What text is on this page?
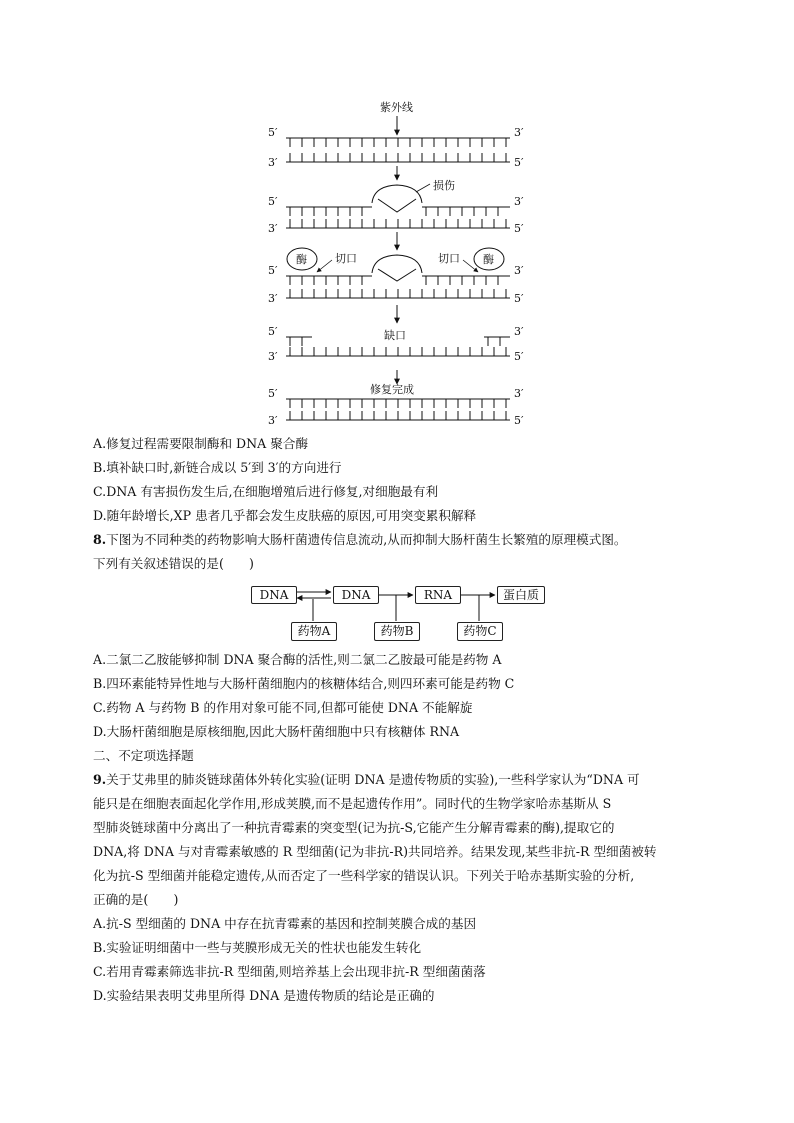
5′	3′
3′	5′
5′	3′
3′	5′
5′	3′
3′	5′
5′	3′
3′	5′
5′	3′
3′	5′
紫外线
损伤
酶	酶
切口	切口
缺口
修复完成
A.修复过程需要限制酶和 DNA 聚合酶
B.填补缺口时,新链合成以 5′到 3′的方向进行
C.DNA 有害损伤发生后,在细胞增殖后进行修复,对细胞最有利
D.随年龄增长,XP 患者几乎都会发生皮肤癌的原因,可用突变累积解释
8.下图为不同种类的药物影响大肠杆菌遗传信息流动,从而抑制大肠杆菌生长繁殖的原理模式图。
下列有关叙述错误的是(　　)
DNA	DNA	RNA	蛋白质
药物A	药物B	药物C
A.二氯二乙胺能够抑制 DNA 聚合酶的活性,则二氯二乙胺最可能是药物 A
B.四环素能特异性地与大肠杆菌细胞内的核糖体结合,则四环素可能是药物 C
C.药物 A 与药物 B 的作用对象可能不同,但都可能使 DNA 不能解旋
D.大肠杆菌细胞是原核细胞,因此大肠杆菌细胞中只有核糖体 RNA
二、不定项选择题
9.关于艾弗里的肺炎链球菌体外转化实验(证明 DNA 是遗传物质的实验),一些科学家认为“DNA 可
能只是在细胞表面起化学作用,形成荚膜,而不是起遗传作用”。同时代的生物学家哈赤基斯从 S
型肺炎链球菌中分离出了一种抗青霉素的突变型(记为抗-S,它能产生分解青霉素的酶),提取它的
DNA,将 DNA 与对青霉素敏感的 R 型细菌(记为非抗-R)共同培养。结果发现,某些非抗-R 型细菌被转
化为抗-S 型细菌并能稳定遗传,从而否定了一些科学家的错误认识。下列关于哈赤基斯实验的分析,
正确的是(　　)
A.抗-S 型细菌的 DNA 中存在抗青霉素的基因和控制荚膜合成的基因
B.实验证明细菌中一些与荚膜形成无关的性状也能发生转化
C.若用青霉素筛选非抗-R 型细菌,则培养基上会出现非抗-R 型细菌菌落
D.实验结果表明艾弗里所得 DNA 是遗传物质的结论是正确的
